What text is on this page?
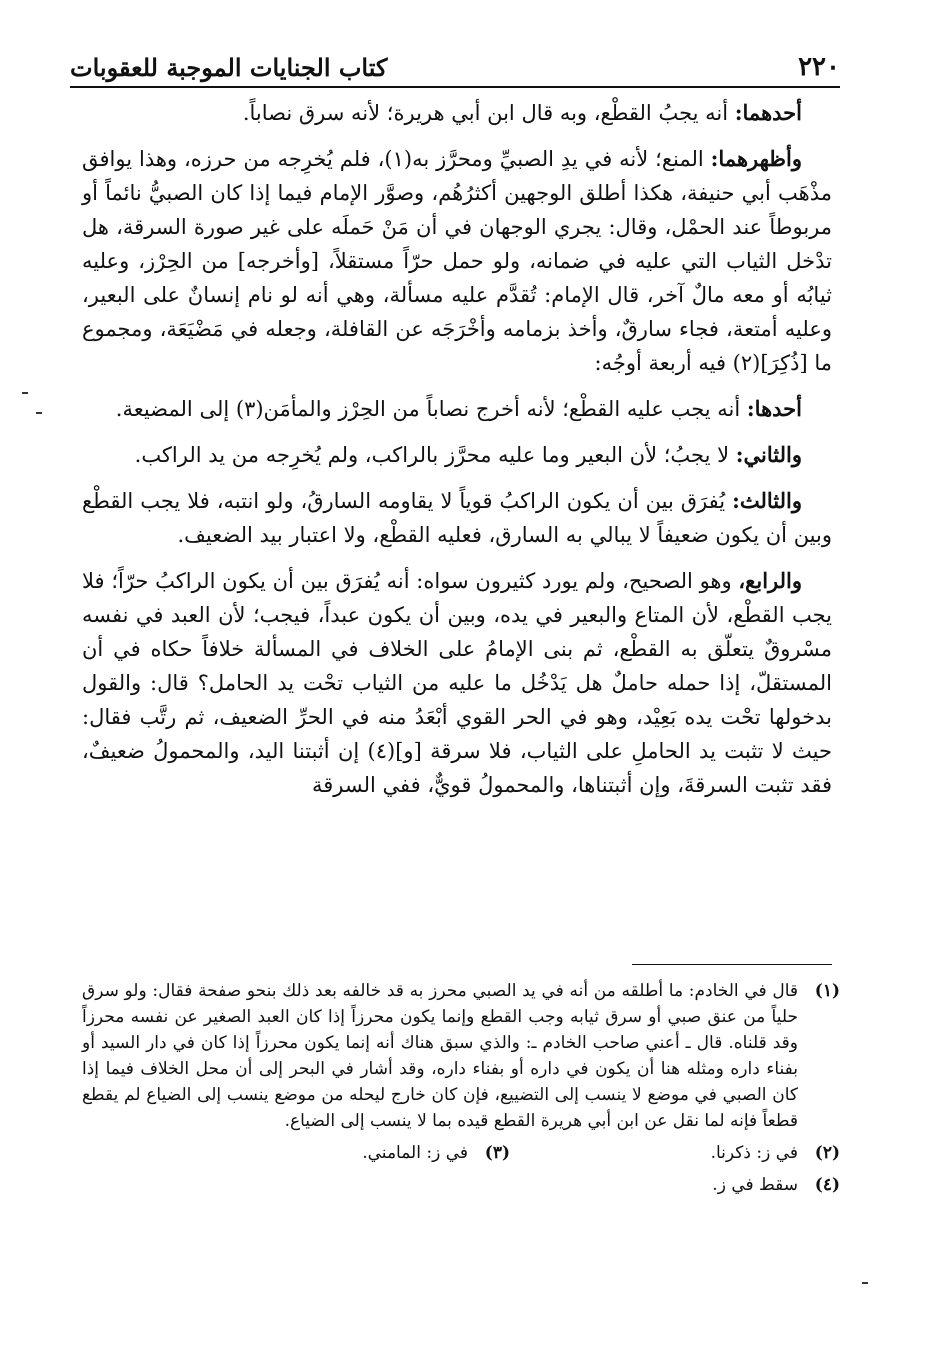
٢٢٠
كتاب الجنايات الموجبة للعقوبات

أحدهما: أنه يجبُ القطْع، وبه قال ابن أبي هريرة؛ لأنه سرق نصاباً.

وأظهرهما: المنع؛ لأنه في يدِ الصبيِّ ومحرَّز به(١)، فلم يُخرِجه من حرزه، وهذا يوافق مذْهَب أبي حنيفة، هكذا أطلق الوجهين أكثرُهُم، وصوَّر الإمام فيما إذا كان الصبيُّ نائماً أو مربوطاً عند الحمْل، وقال: يجري الوجهان في أن مَنْ حَملَه على غير صورة السرقة، هل تدْخل الثياب التي عليه في ضمانه، ولو حمل حرّاً مستقلاً، [وأخرجه] من الحِرْز، وعليه ثيابُه أو معه مالٌ آخر، قال الإمام: تُقدَّم عليه مسألة، وهي أنه لو نام إنسانٌ على البعير، وعليه أمتعة، فجاء سارقٌ، وأخذ بزمامه وأخْرَجَه عن القافلة، وجعله في مَضْيَعَة، ومجموع ما [ذُكِرَ](٢) فيه أربعة أوجُه:

أحدها: أنه يجب عليه القطْع؛ لأنه أخرج نصاباً من الحِرْز والمأمَن(٣) إلى المضيعة.

والثاني: لا يجبُ؛ لأن البعير وما عليه محرَّز بالراكب، ولم يُخرِجه من يد الراكب.

والثالث: يُفرَق بين أن يكون الراكبُ قوياً لا يقاومه السارقُ، ولو انتبه، فلا يجب القطْع وبين أن يكون ضعيفاً لا يبالي به السارق، فعليه القطْع، ولا اعتبار بيد الضعيف.

والرابع، وهو الصحيح، ولم يورد كثيرون سواه: أنه يُفرَق بين أن يكون الراكبُ حرّاً؛ فلا يجب القطْع، لأن المتاع والبعير في يده، وبين أن يكون عبداً، فيجب؛ لأن العبد في نفسه مسْروقٌ يتعلّق به القطْع، ثم بنى الإمامُ على الخلاف في المسألة خلافاً حكاه في أن المستقلّ، إذا حمله حاملٌ هل يَدْخُل ما عليه من الثياب تحْت يد الحامل؟ قال: والقول بدخولها تحْت يده بَعِيْد، وهو في الحر القوي أبْعَدُ منه في الحرِّ الضعيف، ثم رتَّب فقال: حيث لا تثبت يد الحاملِ على الثياب، فلا سرقة [و](٤) إن أثبتنا اليد، والمحمولُ ضعيفٌ، فقد تثبت السرقةَ، وإن أثبتناها، والمحمولُ قويٌّ، ففي السرقة

(١)
قال في الخادم: ما أطلقه من أنه في يد الصبي محرز به قد خالفه بعد ذلك بنحو صفحة فقال: ولو سرق حلياً من عنق صبي أو سرق ثيابه وجب القطع وإنما يكون محرزاً إذا كان العبد الصغير عن نفسه محرزاً وقد قلناه. قال ـ أعني صاحب الخادم ـ: والذي سبق هناك أنه إنما يكون محرزاً إذا كان في دار السيد أو بفناء داره ومثله هنا أن يكون في داره أو بفناء داره، وقد أشار في البحر إلى أن محل الخلاف فيما إذا كان الصبي في موضع لا ينسب إلى التضييع، فإن كان خارج ليحله من موضع ينسب إلى الضياع لم يقطع قطعاً فإنه لما نقل عن ابن أبي هريرة القطع قيده بما لا ينسب إلى الضياع.
(٢)
في ز: ذكرنا.
(٣)
في ز: المامني.
(٤)
سقط في ز.
